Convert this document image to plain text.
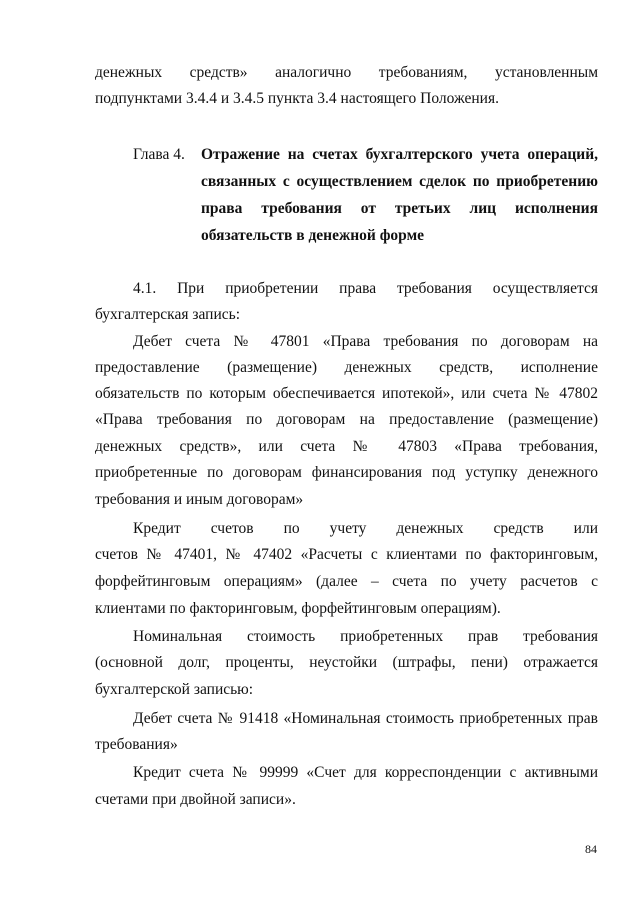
денежных средств» аналогично требованиям, установленным
подпунктами 3.4.4 и 3.4.5 пункта 3.4 настоящего Положения.
Глава 4. Отражение на счетах бухгалтерского учета операций,
связанных с осуществлением сделок по приобретению
права требования от третьих лиц исполнения
обязательств в денежной форме
4.1. При приобретении права требования осуществляется
бухгалтерская запись:
Дебет счета № 47801 «Права требования по договорам на
предоставление (размещение) денежных средств, исполнение
обязательств по которым обеспечивается ипотекой», или счета № 47802
«Права требования по договорам на предоставление (размещение)
денежных средств», или счета № 47803 «Права требования,
приобретенные по договорам финансирования под уступку денежного
требования и иным договорам»
Кредит счетов по учету денежных средств или
счетов № 47401, № 47402 «Расчеты с клиентами по факторинговым,
форфейтинговым операциям» (далее – счета по учету расчетов с
клиентами по факторинговым, форфейтинговым операциям).
Номинальная стоимость приобретенных прав требования
(основной долг, проценты, неустойки (штрафы, пени) отражается
бухгалтерской записью:
Дебет счета № 91418 «Номинальная стоимость приобретенных прав
требования»
Кредит счета № 99999 «Счет для корреспонденции с активными
счетами при двойной записи».
84
